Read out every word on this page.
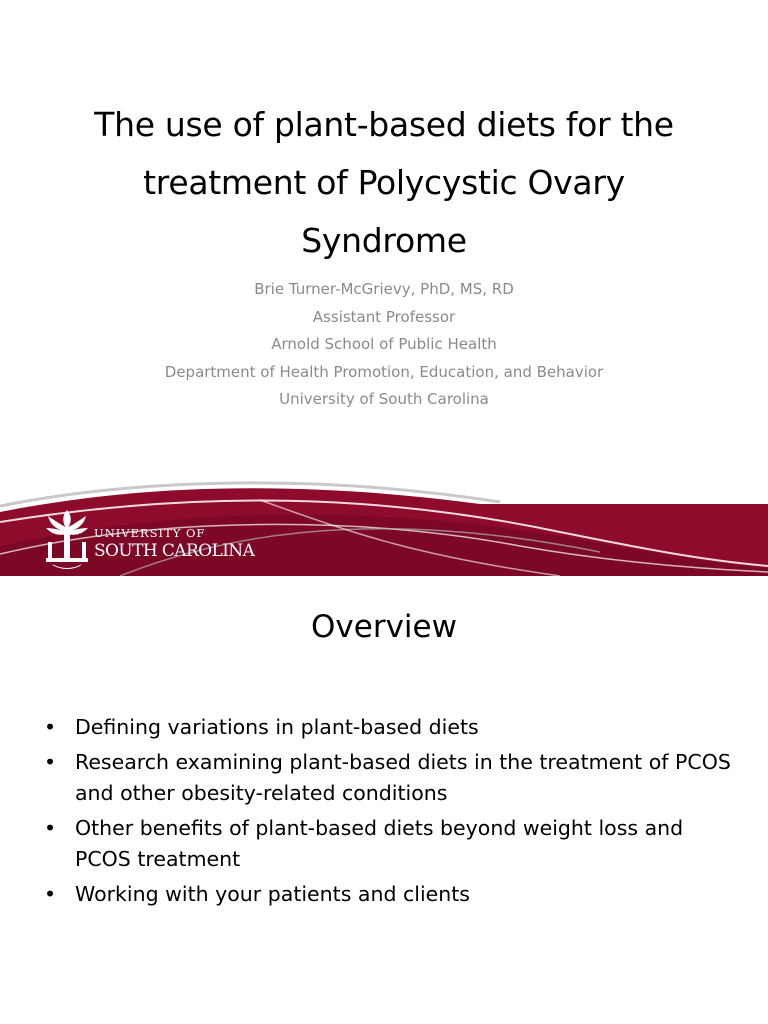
The use of plant-based diets for the
treatment of Polycystic Ovary
Syndrome
Brie Turner-McGrievy, PhD, MS, RD
Assistant Professor
Arnold School of Public Health
Department of Health Promotion, Education, and Behavior
University of South Carolina
UNIVERSITY OF
SOUTH CAROLINA
Overview
• Defining variations in plant-based diets
• Research examining plant-based diets in the treatment of PCOS and other obesity-related conditions
• Other benefits of plant-based diets beyond weight loss and PCOS treatment
• Working with your patients and clients
